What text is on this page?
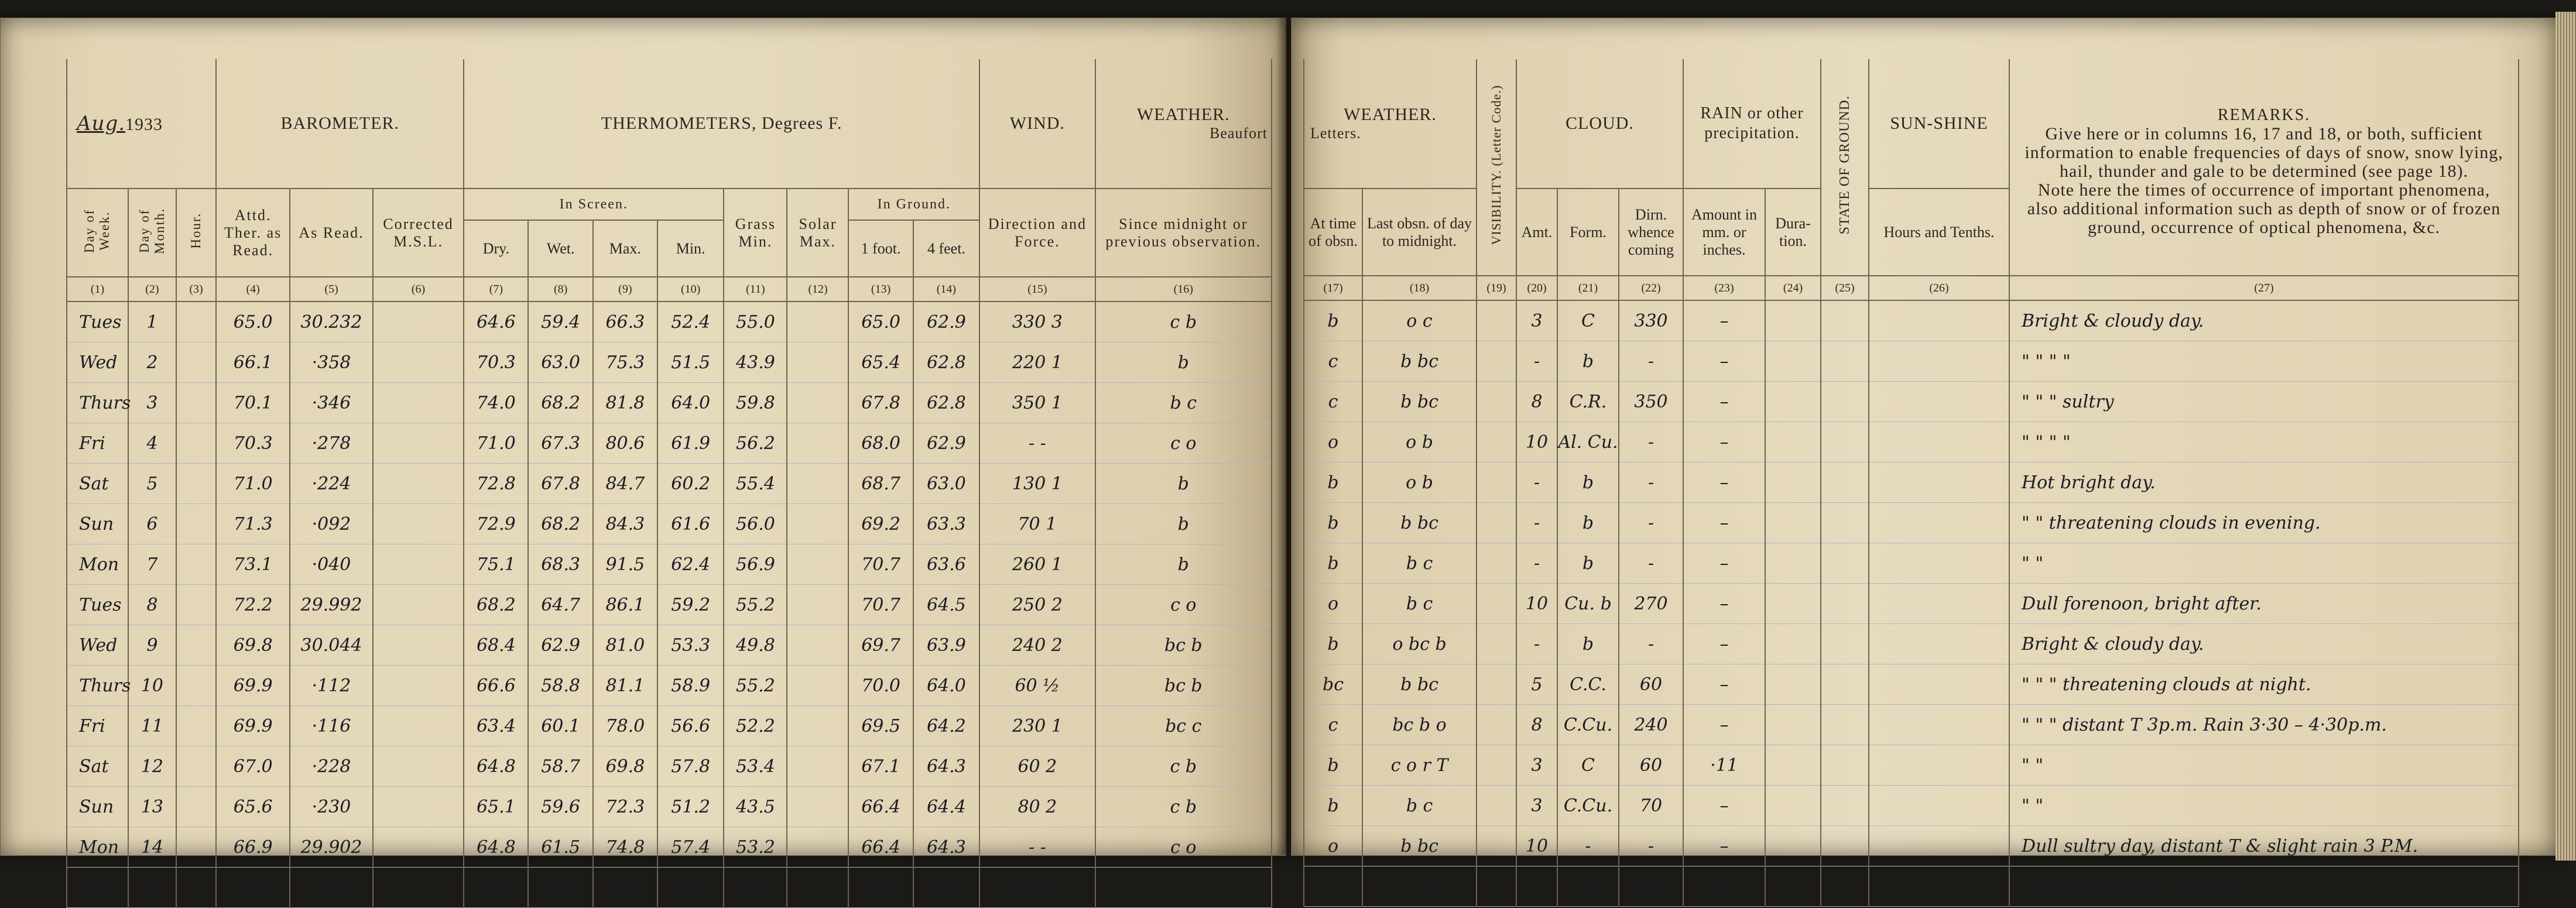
Aug.1933			BAROMETER.			THERMOMETERS, Degrees F.								WIND.	WEATHER.

Beaufort

Day of Week.	Day of Month.	Hour.	Attd. Ther. as Read.	As Read.	Corrected M.S.L.	In Screen.				Grass Min.	Solar Max.	In Ground.		Direction and Force.	Since midnight or previous observation.
						Dry.	Wet.	Max.	Min.			1 foot.	4 feet.		
(1)	(2)	(3)	(4)	(5)	(6)	(7)	(8)	(9)	(10)	(11)	(12)	(13)	(14)	(15)	(16)
Tues	1		65.0	30.232		64.6	59.4	66.3	52.4	55.0		65.0	62.9	330 3	c b
Wed	2		66.1	·358		70.3	63.0	75.3	51.5	43.9		65.4	62.8	220 1	b
Thurs	3		70.1	·346		74.0	68.2	81.8	64.0	59.8		67.8	62.8	350 1	b c
Fri	4		70.3	·278		71.0	67.3	80.6	61.9	56.2		68.0	62.9	- -	c o
Sat	5		71.0	·224		72.8	67.8	84.7	60.2	55.4		68.7	63.0	130 1	b
Sun	6		71.3	·092		72.9	68.2	84.3	61.6	56.0		69.2	63.3	70 1	b
Mon	7		73.1	·040		75.1	68.3	91.5	62.4	56.9		70.7	63.6	260 1	b
Tues	8		72.2	29.992		68.2	64.7	86.1	59.2	55.2		70.7	64.5	250 2	c o
Wed	9		69.8	30.044		68.4	62.9	81.0	53.3	49.8		69.7	63.9	240 2	bc b
Thurs	10		69.9	·112		66.6	58.8	81.1	58.9	55.2		70.0	64.0	60 ½	bc b
Fri	11		69.9	·116		63.4	60.1	78.0	56.6	52.2		69.5	64.2	230 1	bc c
Sat	12		67.0	·228		64.8	58.7	69.8	57.8	53.4		67.1	64.3	60 2	c b
Sun	13		65.6	·230		65.1	59.6	72.3	51.2	43.5		66.4	64.4	80 2	c b
Mon	14		66.9	29.902		64.8	61.5	74.8	57.4	53.2		66.4	64.3	- -	c o
Tues.	15		66.6	·730		66.1	62.5	75.0	55.6	50.5		66.2	64.2	220 2	c
WEATHER.

Letters.		VISIBILITY. (Letter Code.)	CLOUD.			RAIN or other precipitation.		STATE OF GROUND.	SUN-SHINE	REMARKS.
Give here or in columns 16, 17 and 18, or both, sufficient information to enable frequencies of days of snow, snow lying, hail, thunder and gale to be determined (see page 18).
Note here the times of occurrence of important phenomena, also additional information such as depth of snow or of frozen ground, occurrence of optical phenomena, &c.

At time of obsn.	Last obsn. of day to midnight.		Amt.	Form.	Dirn. whence coming	Amount in mm. or inches.	Dura-tion.		Hours and Tenths.	
(17)	(18)	(19)	(20)	(21)	(22)	(23)	(24)	(25)	(26)	(27)
b	o c		3	C	330	–				Bright & cloudy day.
c	b bc		-	b	-	–				" " " "
c	b bc		8	C.R.	350	–				" " " sultry
o	o b		10	Al. Cu.	-	–				" " " "
b	o b		-	b	-	–				Hot bright day.
b	b bc		-	b	-	–				" " threatening clouds in evening.
b	b c		-	b	-	–				" "
o	b c		10	Cu. b	270	–				Dull forenoon, bright after.
b	o bc b		-	b	-	–				Bright & cloudy day.
bc	b bc		5	C.C.	60	–				" " " threatening clouds at night.
c	bc b o		8	C.Cu.	240	–				" " " distant T 3p.m. Rain 3·30 – 4·30p.m.
b	c o r T		3	C	60	·11				" "
b	b c		3	C.Cu.	70	–				" "
o	b bc		10	-	-	–				Dull sultry day, distant T & slight rain 3 P.M.
c	o c Tl r		8	C.R.	240	·03				Mainly dull with showers.
